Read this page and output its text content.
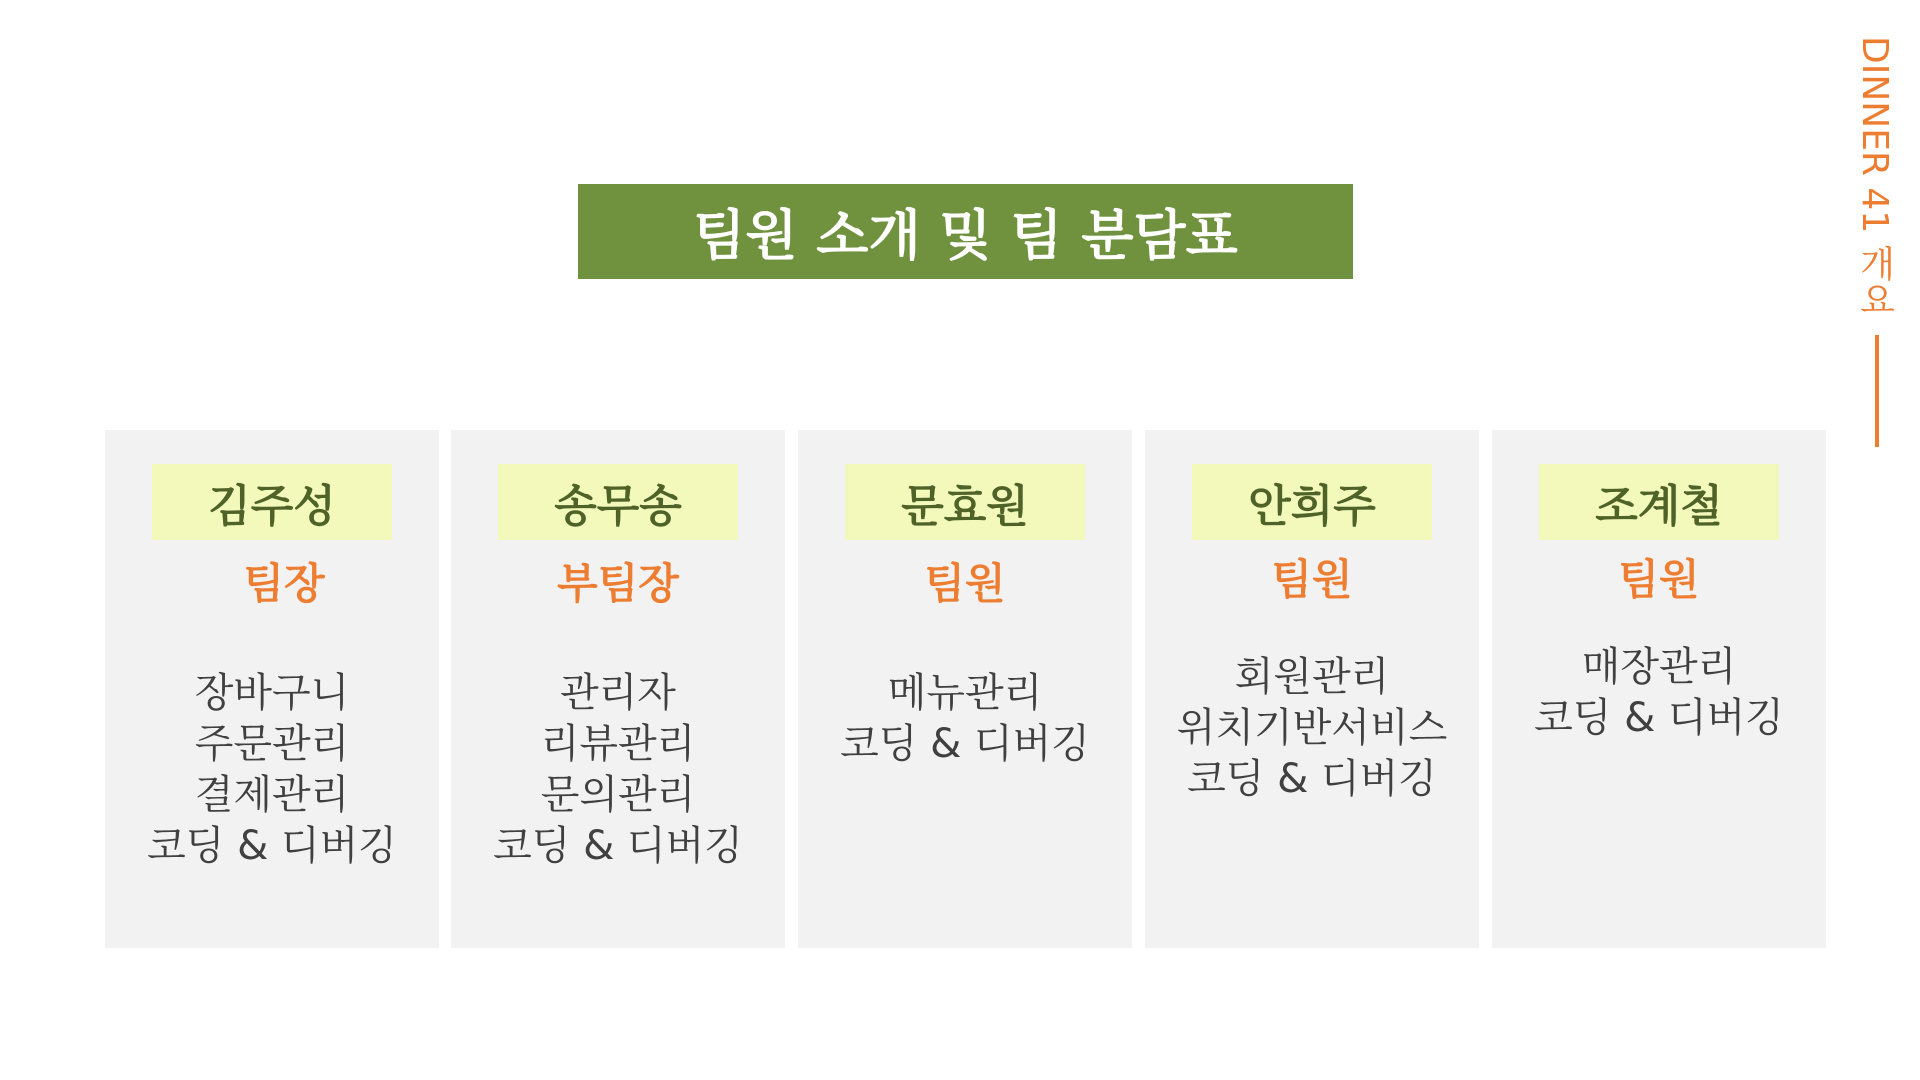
팀원 소개 및 팀 분담표	DINNER 41 개요
김주성
팀장
장바구니
주문관리
결제관리
코딩 & 디버깅
송무송
부팀장
관리자
리뷰관리
문의관리
코딩 & 디버깅
문효원
팀원
메뉴관리
코딩 & 디버깅
안희주
팀원
회원관리
위치기반서비스
코딩 & 디버깅
조계철
팀원
매장관리
코딩 & 디버깅
